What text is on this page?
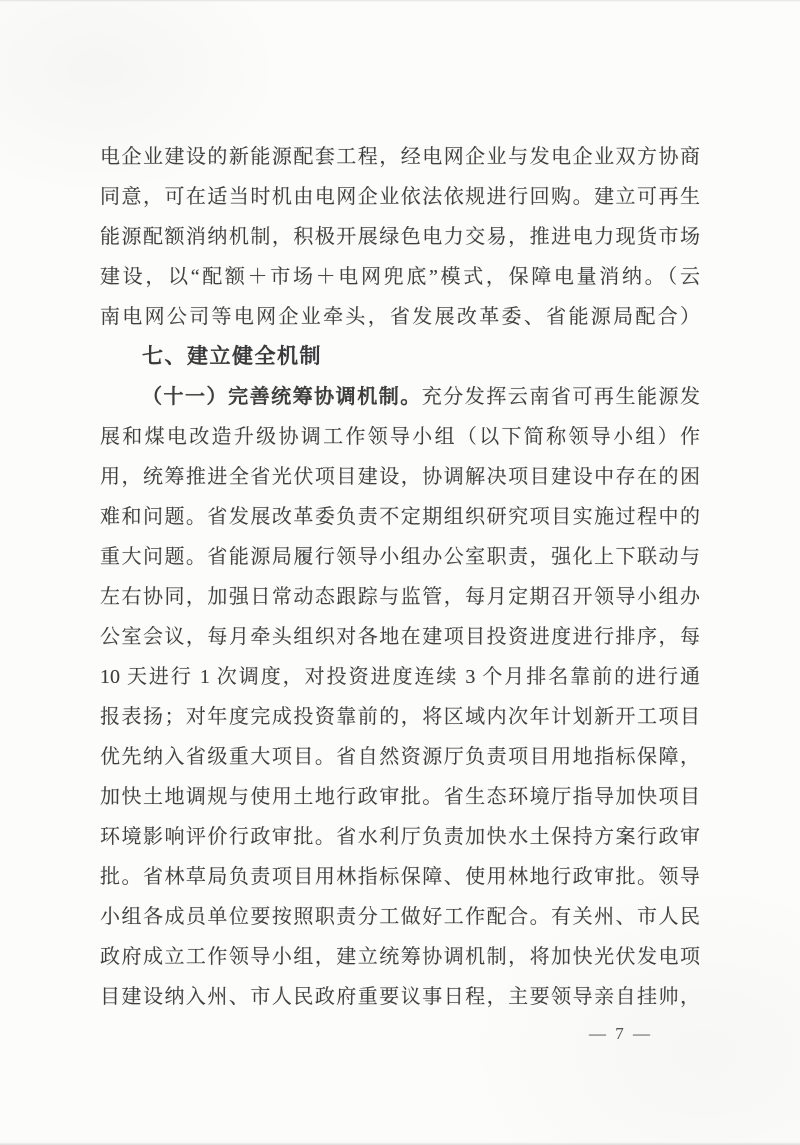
电企业建设的新能源配套工程，经电网企业与发电企业双方协商
同意，可在适当时机由电网企业依法依规进行回购。建立可再生
能源配额消纳机制，积极开展绿色电力交易，推进电力现货市场
建设，以“配额＋市场＋电网兜底”模式，保障电量消纳。（云
南电网公司等电网企业牵头，省发展改革委、省能源局配合）
七、建立健全机制
（十一）完善统筹协调机制。充分发挥云南省可再生能源发
展和煤电改造升级协调工作领导小组（以下简称领导小组）作
用，统筹推进全省光伏项目建设，协调解决项目建设中存在的困
难和问题。省发展改革委负责不定期组织研究项目实施过程中的
重大问题。省能源局履行领导小组办公室职责，强化上下联动与
左右协同，加强日常动态跟踪与监管，每月定期召开领导小组办
公室会议，每月牵头组织对各地在建项目投资进度进行排序，每
10 天进行 1 次调度，对投资进度连续 3 个月排名靠前的进行通
报表扬；对年度完成投资靠前的，将区域内次年计划新开工项目
优先纳入省级重大项目。省自然资源厅负责项目用地指标保障，
加快土地调规与使用土地行政审批。省生态环境厅指导加快项目
环境影响评价行政审批。省水利厅负责加快水土保持方案行政审
批。省林草局负责项目用林指标保障、使用林地行政审批。领导
小组各成员单位要按照职责分工做好工作配合。有关州、市人民
政府成立工作领导小组，建立统筹协调机制，将加快光伏发电项
目建设纳入州、市人民政府重要议事日程，主要领导亲自挂帅，
— 7 —
